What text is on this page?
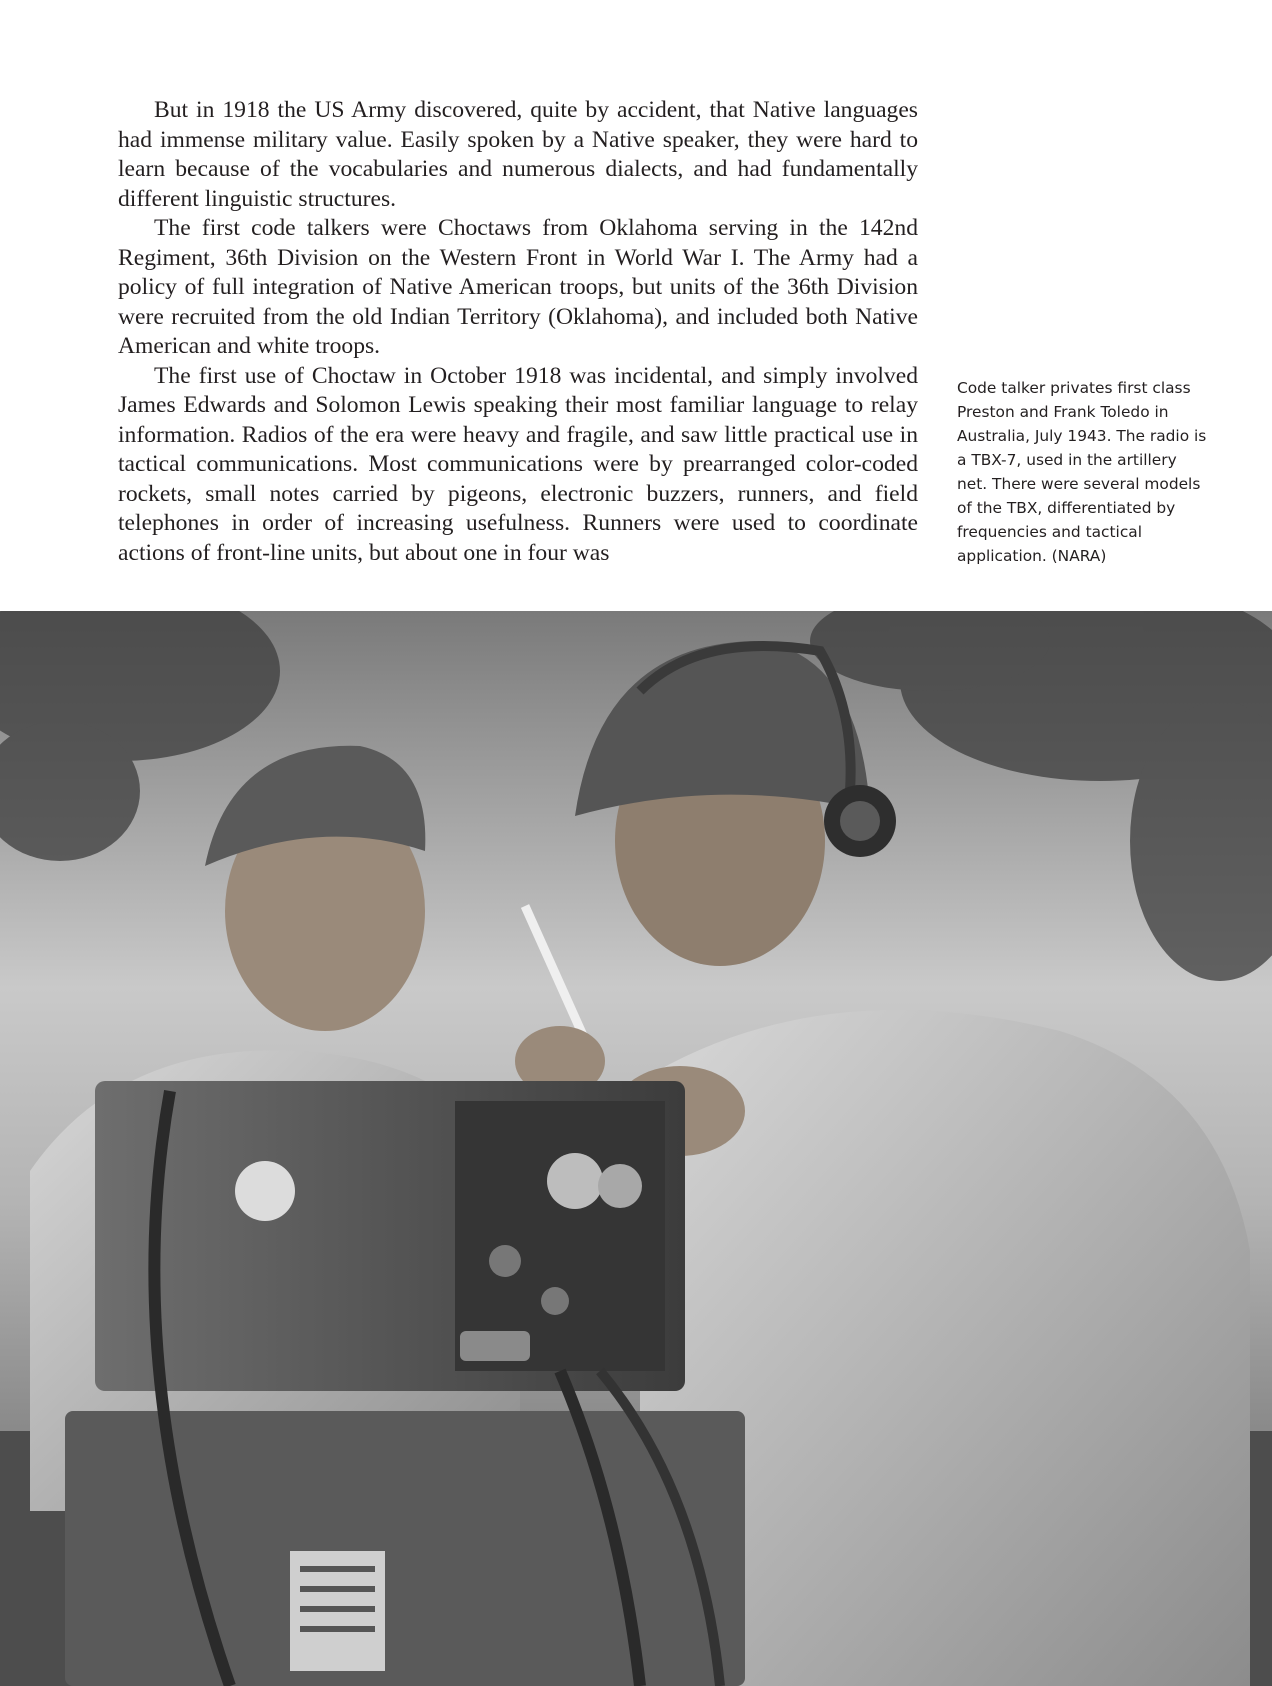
But in 1918 the US Army discovered, quite by accident, that Native languages had immense military value. Easily spoken by a Native speaker, they were hard to learn because of the vocabularies and numerous dialects, and had fundamentally different linguistic structures.

The first code talkers were Choctaws from Oklahoma serving in the 142nd Regiment, 36th Division on the Western Front in World War I. The Army had a policy of full integration of Native American troops, but units of the 36th Division were recruited from the old Indian Territory (Oklahoma), and included both Native American and white troops.

The first use of Choctaw in October 1918 was incidental, and simply involved James Edwards and Solomon Lewis speaking their most familiar language to relay information. Radios of the era were heavy and fragile, and saw little practical use in tactical communications. Most communications were by prearranged color-coded rockets, small notes carried by pigeons, electronic buzzers, runners, and field telephones in order of increasing usefulness. Runners were used to coordinate actions of front-line units, but about one in four was

Code talker privates first class Preston and Frank Toledo in Australia, July 1943. The radio is a TBX-7, used in the artillery net. There were several models of the TBX, differentiated by frequencies and tactical application. (NARA)
